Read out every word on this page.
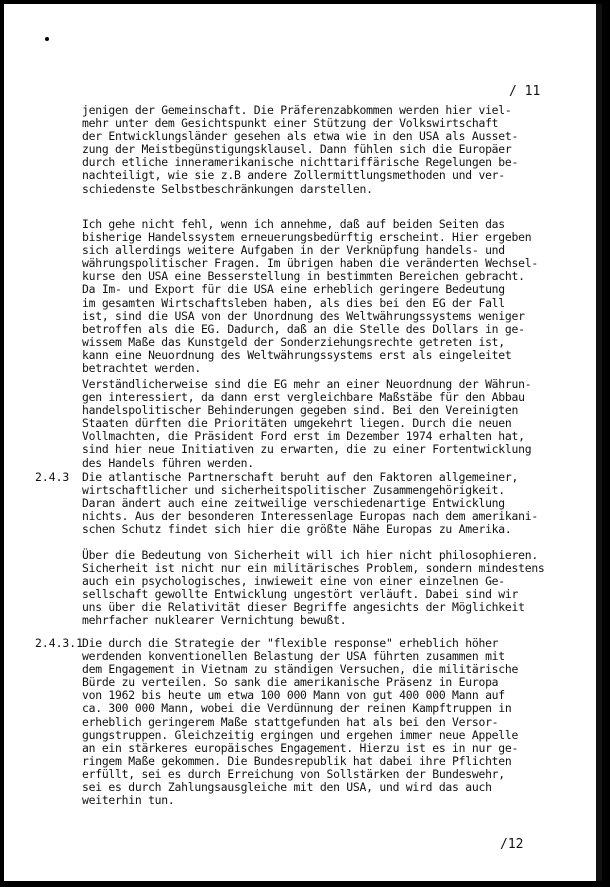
/ 11
jenigen der Gemeinschaft. Die Präferenzabkommen werden hier viel-
mehr unter dem Gesichtspunkt einer Stützung der Volkswirtschaft
der Entwicklungsländer gesehen als etwa wie in den USA als Ausset-
zung der Meistbegünstigungsklausel. Dann fühlen sich die Europäer
durch etliche inneramerikanische nichttariffärische Regelungen be-
nachteiligt, wie sie z.B andere Zollermittlungsmethoden und ver-
schiedenste Selbstbeschränkungen darstellen.
Ich gehe nicht fehl, wenn ich annehme, daß auf beiden Seiten das
bisherige Handelssystem erneuerungsbedürftig erscheint. Hier ergeben
sich allerdings weitere Aufgaben in der Verknüpfung handels- und
währungspolitischer Fragen. Im übrigen haben die veränderten Wechsel-
kurse den USA eine Besserstellung in bestimmten Bereichen gebracht.
Da Im- und Export für die USA eine erheblich geringere Bedeutung
im gesamten Wirtschaftsleben haben, als dies bei den EG der Fall
ist, sind die USA von der Unordnung des Weltwährungssystems weniger
betroffen als die EG. Dadurch, daß an die Stelle des Dollars in ge-
wissem Maße das Kunstgeld der Sonderziehungsrechte getreten ist,
kann eine Neuordnung des Weltwährungssystems erst als eingeleitet
betrachtet werden.
Verständlicherweise sind die EG mehr an einer Neuordnung der Währun-
gen interessiert, da dann erst vergleichbare Maßstäbe für den Abbau
handelspolitischer Behinderungen gegeben sind. Bei den Vereinigten
Staaten dürften die Prioritäten umgekehrt liegen. Durch die neuen
Vollmachten, die Präsident Ford erst im Dezember 1974 erhalten hat,
sind hier neue Initiativen zu erwarten, die zu einer Fortentwicklung
des Handels führen werden.
2.4.3 Die atlantische Partnerschaft beruht auf den Faktoren allgemeiner,
wirtschaftlicher und sicherheitspolitischer Zusammengehörigkeit.
Daran ändert auch eine zeitweilige verschiedenartige Entwicklung
nichts. Aus der besonderen Interessenlage Europas nach dem amerikani-
schen Schutz findet sich hier die größte Nähe Europas zu Amerika.
Über die Bedeutung von Sicherheit will ich hier nicht philosophieren.
Sicherheit ist nicht nur ein militärisches Problem, sondern mindestens
auch ein psychologisches, inwieweit eine von einer einzelnen Ge-
sellschaft gewollte Entwicklung ungestört verläuft. Dabei sind wir
uns über die Relativität dieser Begriffe angesichts der Möglichkeit
mehrfacher nuklearer Vernichtung bewußt.
2.4.3.1
Die durch die Strategie der "flexible response" erheblich höher
werdenden konventionellen Belastung der USA führten zusammen mit
dem Engagement in Vietnam zu ständigen Versuchen, die militärische
Bürde zu verteilen. So sank die amerikanische Präsenz in Europa
von 1962 bis heute um etwa 100 000 Mann von gut 400 000 Mann auf
ca. 300 000 Mann, wobei die Verdünnung der reinen Kampftruppen in
erheblich geringerem Maße stattgefunden hat als bei den Versor-
gungstruppen. Gleichzeitig ergingen und ergehen immer neue Appelle
an ein stärkeres europäisches Engagement. Hierzu ist es in nur ge-
ringem Maße gekommen. Die Bundesrepublik hat dabei ihre Pflichten
erfüllt, sei es durch Erreichung von Sollstärken der Bundeswehr,
sei es durch Zahlungsausgleiche mit den USA, und wird das auch
weiterhin tun.
/12
